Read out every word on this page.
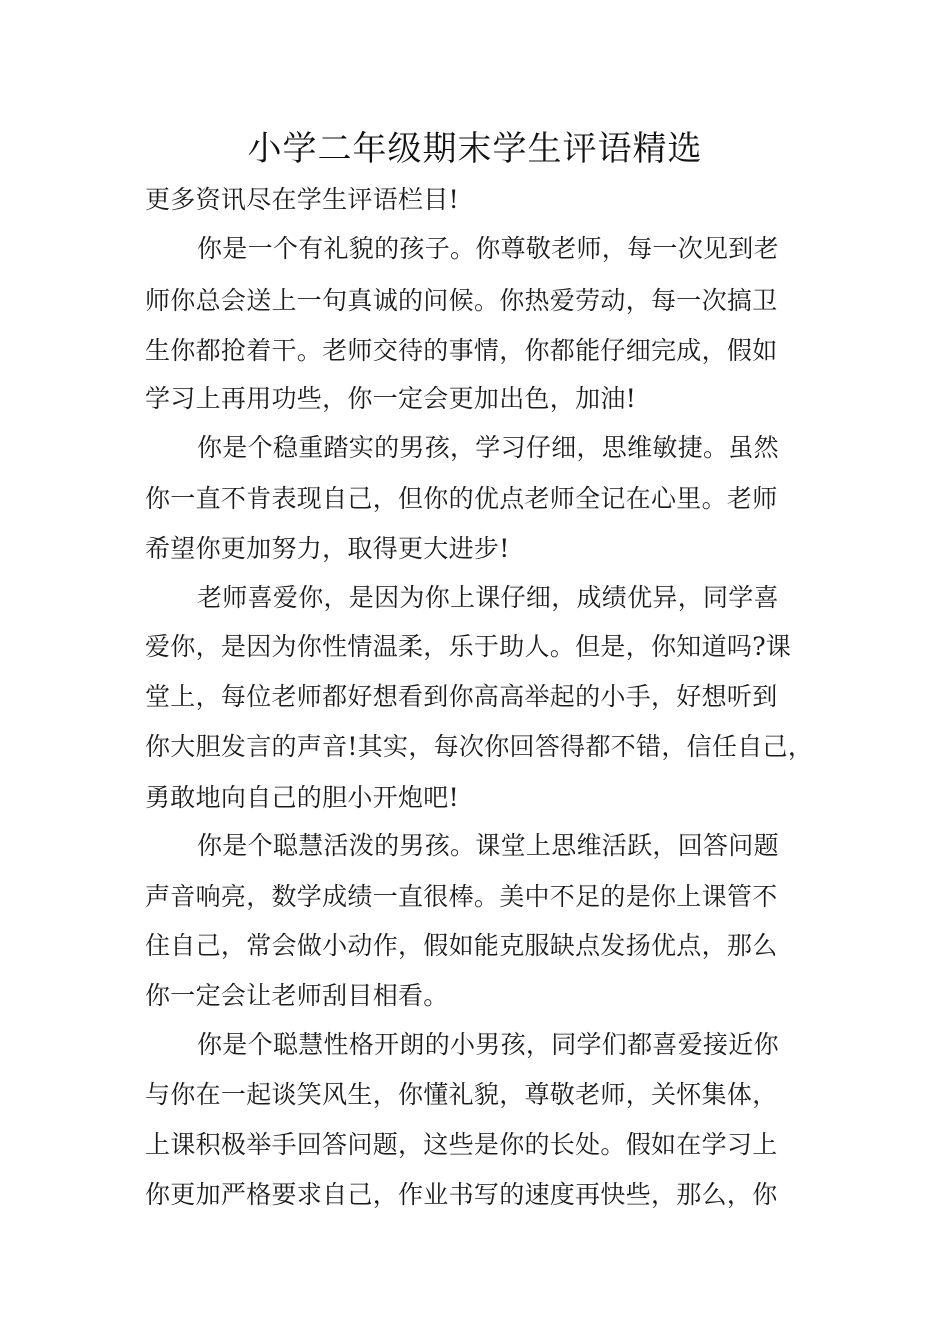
小学二年级期末学生评语精选
更多资讯尽在学生评语栏目!
你是一个有礼貌的孩子。你尊敬老师，每一次见到老
师你总会送上一句真诚的问候。你热爱劳动，每一次搞卫
生你都抢着干。老师交待的事情，你都能仔细完成，假如
学习上再用功些，你一定会更加出色，加油!
你是个稳重踏实的男孩，学习仔细，思维敏捷。虽然
你一直不肯表现自己，但你的优点老师全记在心里。老师
希望你更加努力，取得更大进步!
老师喜爱你，是因为你上课仔细，成绩优异，同学喜
爱你，是因为你性情温柔，乐于助人。但是，你知道吗?课
堂上，每位老师都好想看到你高高举起的小手，好想听到
你大胆发言的声音!其实，每次你回答得都不错，信任自己，
勇敢地向自己的胆小开炮吧!
你是个聪慧活泼的男孩。课堂上思维活跃，回答问题
声音响亮，数学成绩一直很棒。美中不足的是你上课管不
住自己，常会做小动作，假如能克服缺点发扬优点，那么
你一定会让老师刮目相看。
你是个聪慧性格开朗的小男孩，同学们都喜爱接近你
与你在一起谈笑风生，你懂礼貌，尊敬老师，关怀集体，
上课积极举手回答问题，这些是你的长处。假如在学习上
你更加严格要求自己，作业书写的速度再快些，那么，你
